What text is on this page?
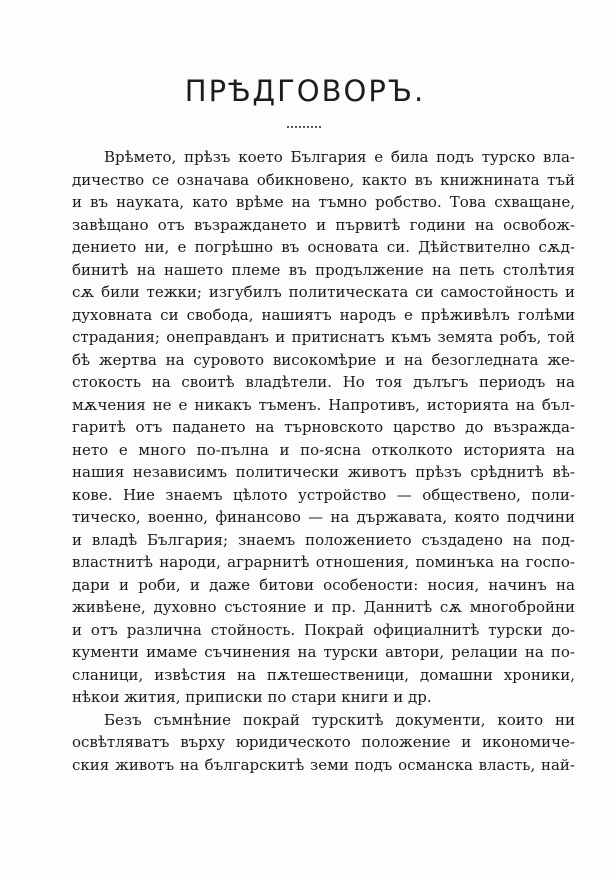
ПРѢДГОВОРЪ.
Врѣмето, прѣзъ което България е била подъ турско вла-
дичество се означава обикновено, както въ книжнината тъй
и въ науката, като врѣме на тъмно робство. Това схващане,
завѣщано отъ възраждането и първитѣ години на освобож-
дението ни, е погрѣшно въ основата си. Дѣйствително сѫд-
бинитѣ на нашето племе въ продължение на петь столѣтия
сѫ били тежки; изгубилъ политическата си самостойность и
духовната си свобода, нашиятъ народъ е прѣживѣлъ голѣми
страдания; онеправданъ и притиснатъ къмъ земята робъ, той
бѣ жертва на суровото високомѣрие и на безогледната же-
стокость на своитѣ владѣтели. Но тоя дълъгъ периодъ на
мѫчения не е никакъ тъменъ. Напротивъ, историята на бъл-
гаритѣ отъ падането на търновското царство до възражда-
нето е много по-пълна и по-ясна отколкото историята на
нашия независимъ политически животъ прѣзъ срѣднитѣ вѣ-
кове. Ние знаемъ цѣлото устройство — обществено, поли-
тическо, военно, финансово — на държавата, която подчини
и владѣ България; знаемъ положението създадено на под-
властнитѣ народи, аграрнитѣ отношения, поминъка на госпо-
дари и роби, и даже битови особености: носия, начинъ на
живѣене, духовно състояние и пр. Даннитѣ сѫ многобройни
и отъ различна стойность. Покрай официалнитѣ турски до-
кументи имаме съчинения на турски автори, релации на по-
сланици, извѣстия на пѫтешественици, домашни хроники,
нѣкои жития, приписки по стари книги и др.
Безъ съмнѣние покрай турскитѣ документи, които ни
освѣтляватъ върху юридическото положение и икономиче-
ския животъ на българскитѣ земи подъ османска власть, най-
